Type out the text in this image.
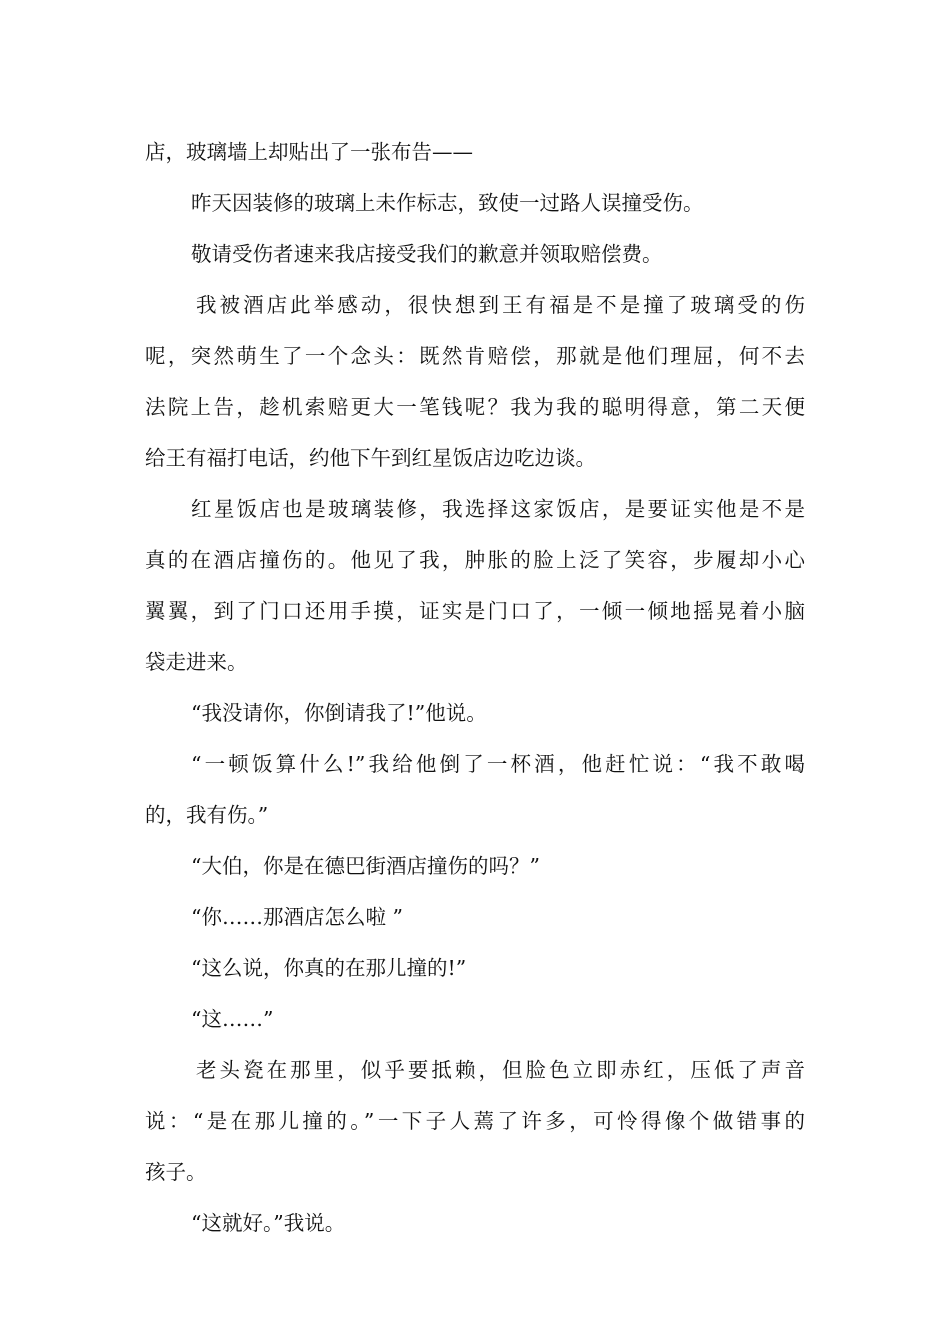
店，玻璃墙上却贴出了一张布告——
昨天因装修的玻璃上未作标志，致使一过路人误撞受伤。
敬请受伤者速来我店接受我们的歉意并领取赔偿费。
我被酒店此举感动，很快想到王有福是不是撞了玻璃受的伤
呢，突然萌生了一个念头：既然肯赔偿，那就是他们理屈，何不去
法院上告，趁机索赔更大一笔钱呢？我为我的聪明得意，第二天便
给王有福打电话，约他下午到红星饭店边吃边谈。
红星饭店也是玻璃装修，我选择这家饭店，是要证实他是不是
真的在酒店撞伤的。他见了我，肿胀的脸上泛了笑容，步履却小心
翼翼，到了门口还用手摸，证实是门口了，一倾一倾地摇晃着小脑
袋走进来。
“我没请你，你倒请我了!”他说。
“一顿饭算什么!”我给他倒了一杯酒，他赶忙说：“我不敢喝
的，我有伤。”
“大伯，你是在德巴街酒店撞伤的吗？”
“你……那酒店怎么啦 ”
“这么说，你真的在那儿撞的!”
“这……”
老头瓷在那里，似乎要抵赖，但脸色立即赤红，压低了声音
说：“是在那儿撞的。”一下子人蔫了许多，可怜得像个做错事的
孩子。
“这就好。”我说。
